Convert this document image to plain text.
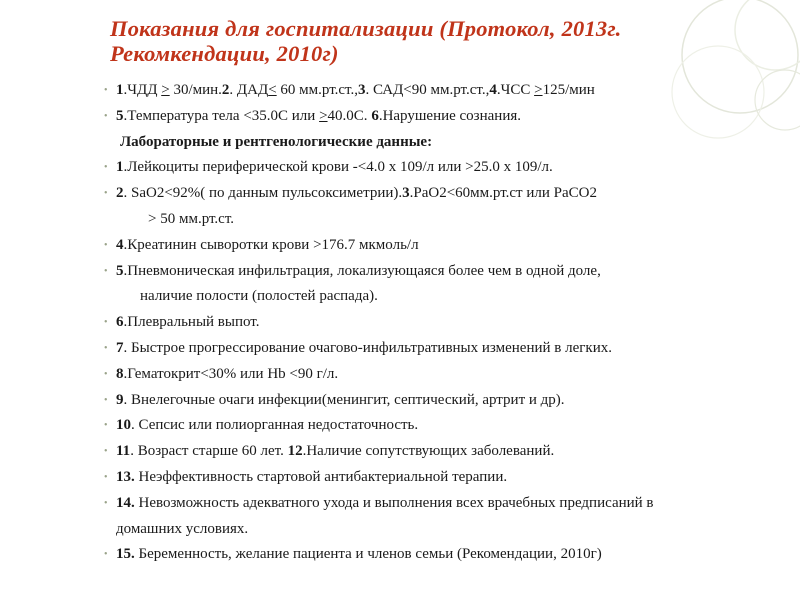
Показания для госпитализации (Протокол, 2013г.
Рекомкендации, 2010г)
• 1.ЧДД > 30/мин.2. ДАД< 60 мм.рт.ст.,3. САД<90 мм.рт.ст.,4.ЧСС >125/мин
• 5.Температура тела <35.0С или >40.0С. 6.Нарушение сознания.
Лабораторные и рентгенологические данные:
• 1.Лейкоциты периферической крови -<4.0 х 109/л или >25.0 х 109/л.
• 2. SaO2<92%( по данным пульсоксиметрии).3.PaO2<60мм.рт.ст или PaCO2
> 50 мм.рт.ст.
• 4.Креатинин сыворотки крови >176.7 мкмоль/л
• 5.Пневмоническая инфильтрация, локализующаяся более чем в одной доле,
наличие полости (полостей распада).
• 6.Плевральный выпот.
• 7. Быстрое прогрессирование очагово-инфильтративных изменений в легких.
• 8.Гематокрит<30% или Hb <90 г/л.
• 9. Внелегочные очаги инфекции(менингит, септический, артрит и др).
• 10. Сепсис или полиорганная недостаточность.
• 11. Возраст старше 60 лет. 12.Наличие сопутствующих заболеваний.
• 13. Неэффективность стартовой антибактериальной терапии.
• 14. Невозможность адекватного ухода и выполнения всех врачебных предписаний в
домашних условиях.
• 15. Беременность, желание пациента и членов семьи (Рекомендации, 2010г)
